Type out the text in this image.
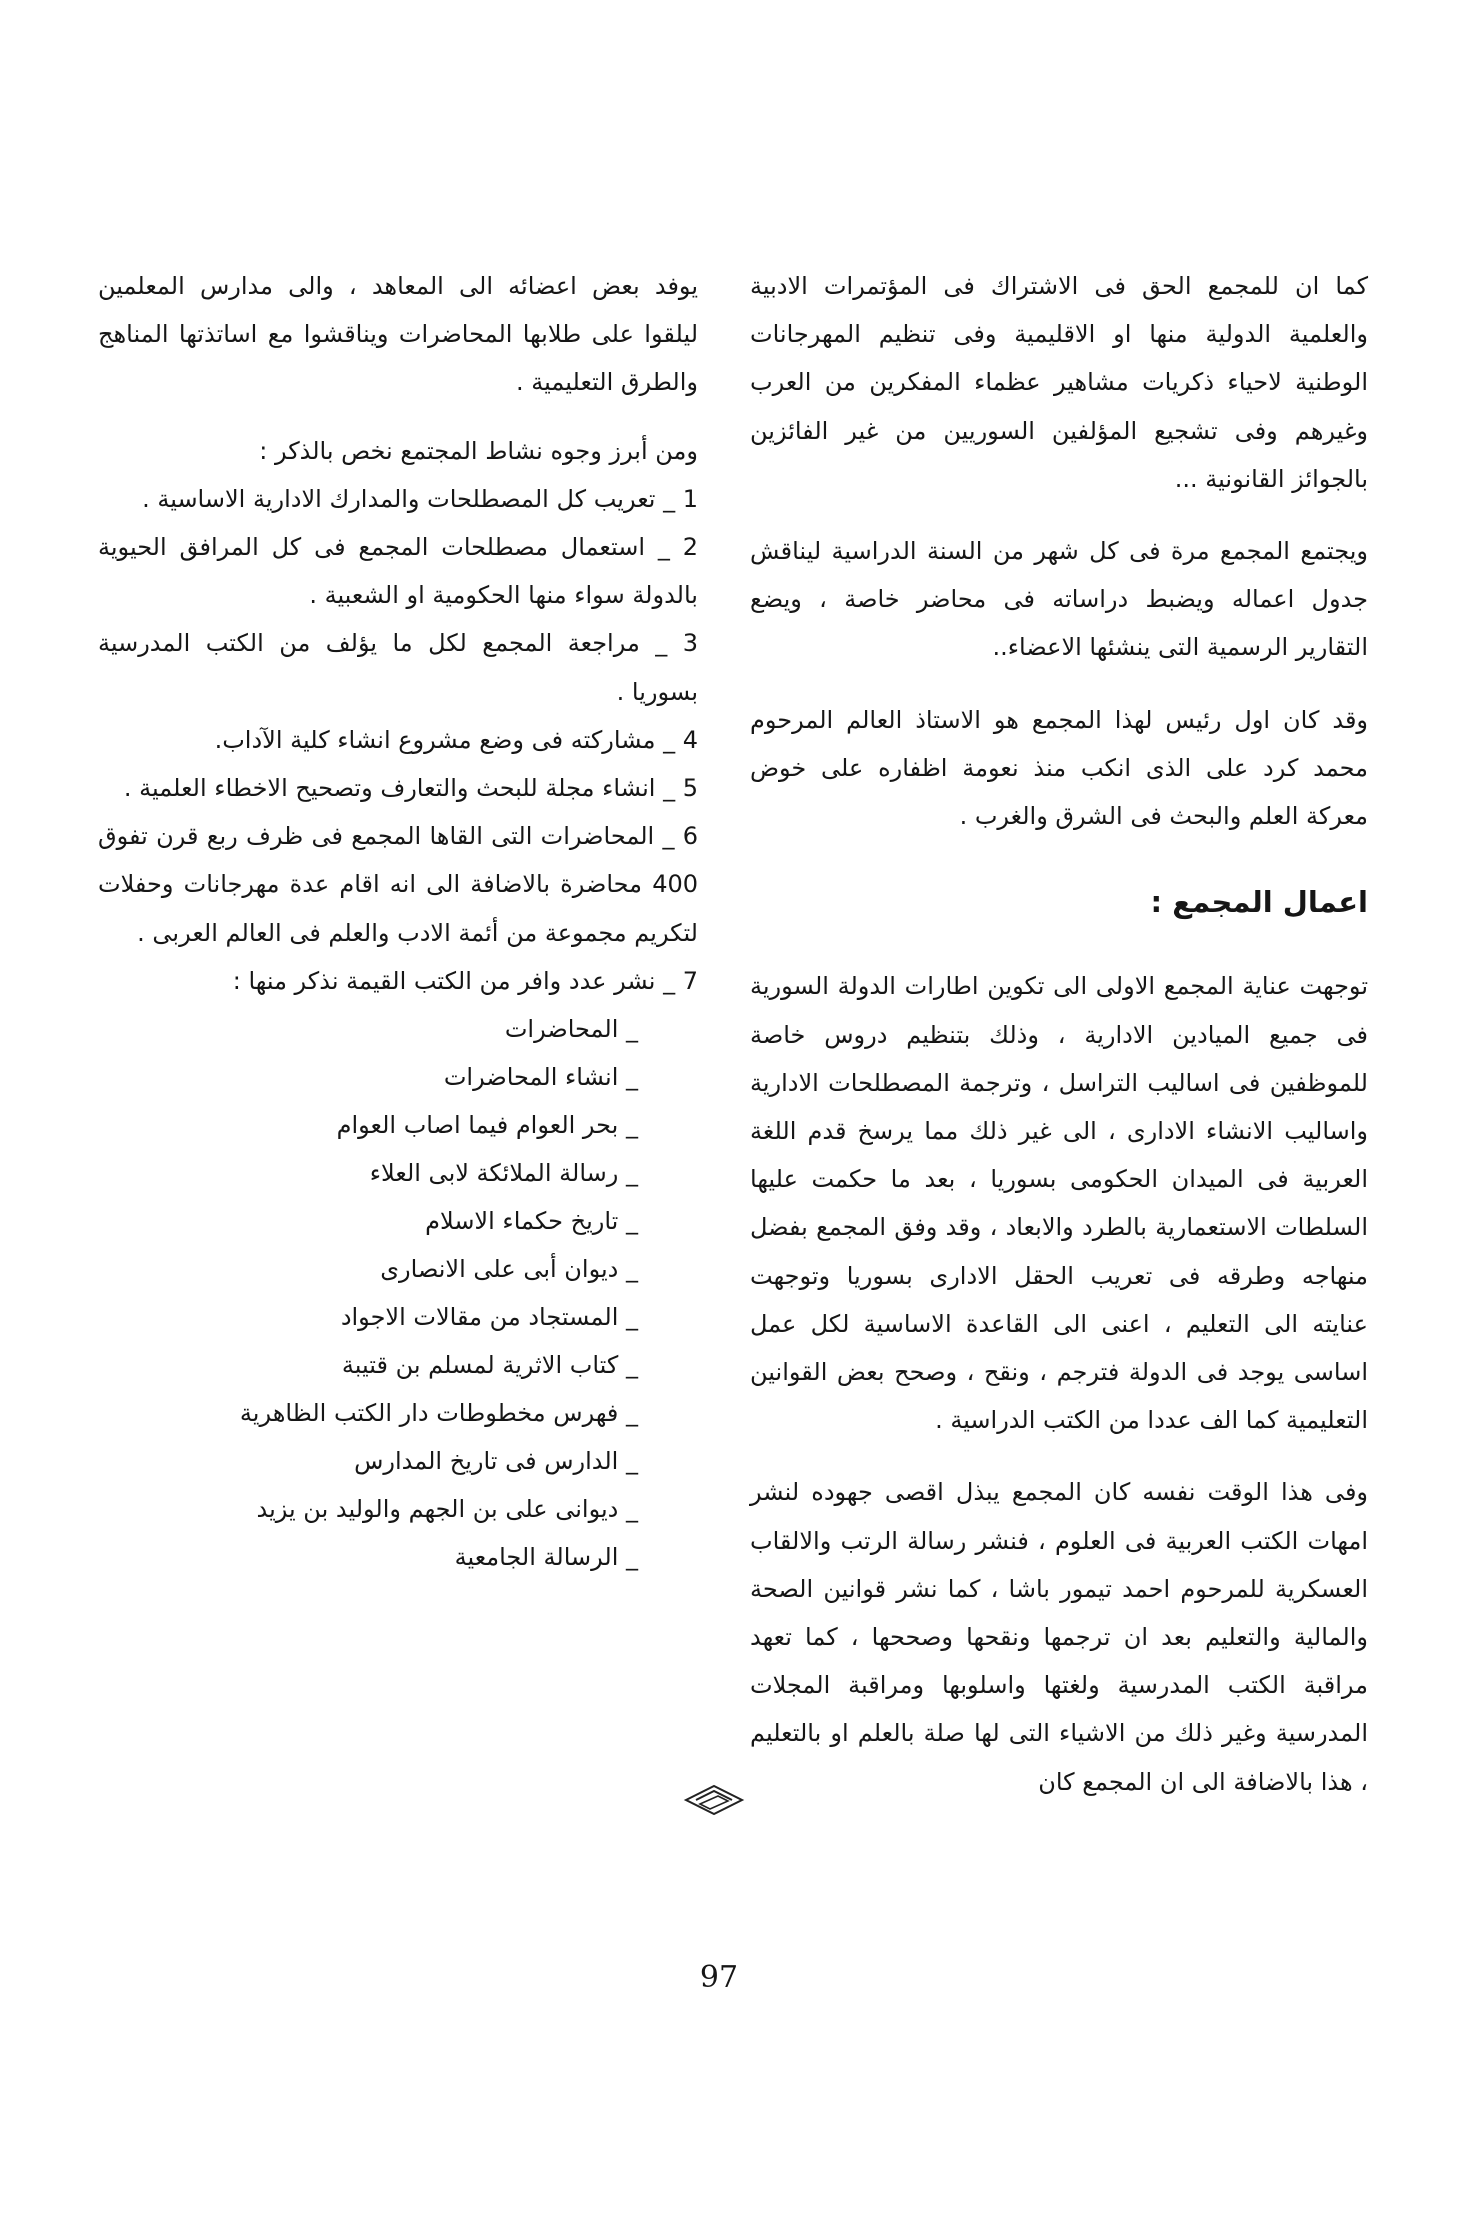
كما ان للمجمع الحق فى الاشتراك فى المؤتمرات الادبية والعلمية الدولية منها او الاقليمية وفى تنظيم المهرجانات الوطنية لاحياء ذكريات مشاهير عظماء المفكرين من العرب وغيرهم وفى تشجيع المؤلفين السوريين من غير الفائزين بالجوائز القانونية ...

ويجتمع المجمع مرة فى كل شهر من السنة الدراسية ليناقش جدول اعماله ويضبط دراساته فى محاضر خاصة ، ويضع التقارير الرسمية التى ينشئها الاعضاء..

وقد كان اول رئيس لهذا المجمع هو الاستاذ العالم المرحوم محمد كرد على الذى انكب منذ نعومة اظفاره على خوض معركة العلم والبحث فى الشرق والغرب .

اعمال المجمع :

توجهت عناية المجمع الاولى الى تكوين اطارات الدولة السورية فى جميع الميادين الادارية ، وذلك بتنظيم دروس خاصة للموظفين فى اساليب التراسل ، وترجمة المصطلحات الادارية واساليب الانشاء الادارى ، الى غير ذلك مما يرسخ قدم اللغة العربية فى الميدان الحكومى بسوريا ، بعد ما حكمت عليها السلطات الاستعمارية بالطرد والابعاد ، وقد وفق المجمع بفضل منهاجه وطرقه فى تعريب الحقل الادارى بسوريا وتوجهت عنايته الى التعليم ، اعنى الى القاعدة الاساسية لكل عمل اساسى يوجد فى الدولة فترجم ، ونقح ، وصحح بعض القوانين التعليمية كما الف عددا من الكتب الدراسية .

وفى هذا الوقت نفسه كان المجمع يبذل اقصى جهوده لنشر امهات الكتب العربية فى العلوم ، فنشر رسالة الرتب والالقاب العسكرية للمرحوم احمد تيمور باشا ، كما نشر قوانين الصحة والمالية والتعليم بعد ان ترجمها ونقحها وصححها ، كما تعهد مراقبة الكتب المدرسية ولغتها واسلوبها ومراقبة المجلات المدرسية وغير ذلك من الاشياء التى لها صلة بالعلم او بالتعليم ، هذا بالاضافة الى ان المجمع كان

يوفد بعض اعضائه الى المعاهد ، والى مدارس المعلمين ليلقوا على طلابها المحاضرات ويناقشوا مع اساتذتها المناهج والطرق التعليمية .

ومن أبرز وجوه نشاط المجتمع نخص بالذكر :

1 _ تعريب كل المصطلحات والمدارك الادارية الاساسية .

2 _ استعمال مصطلحات المجمع فى كل المرافق الحيوية بالدولة سواء منها الحكومية او الشعبية .

3 _ مراجعة المجمع لكل ما يؤلف من الكتب المدرسية بسوريا .

4 _ مشاركته فى وضع مشروع انشاء كلية الآداب.

5 _ انشاء مجلة للبحث والتعارف وتصحيح الاخطاء العلمية .

6 _ المحاضرات التى القاها المجمع فى ظرف ربع قرن تفوق 400 محاضرة بالاضافة الى انه اقام عدة مهرجانات وحفلات لتكريم مجموعة من أئمة الادب والعلم فى العالم العربى .

7 _ نشر عدد وافر من الكتب القيمة نذكر منها :

_ المحاضرات
_ انشاء المحاضرات
_ بحر العوام فيما اصاب العوام
_ رسالة الملائكة لابى العلاء
_ تاريخ حكماء الاسلام
_ ديوان أبى على الانصارى
_ المستجاد من مقالات الاجواد
_ كتاب الاثرية لمسلم بن قتيبة
_ فهرس مخطوطات دار الكتب الظاهرية
_ الدارس فى تاريخ المدارس
_ ديوانى على بن الجهم والوليد بن يزيد
_ الرسالة الجامعية
97
